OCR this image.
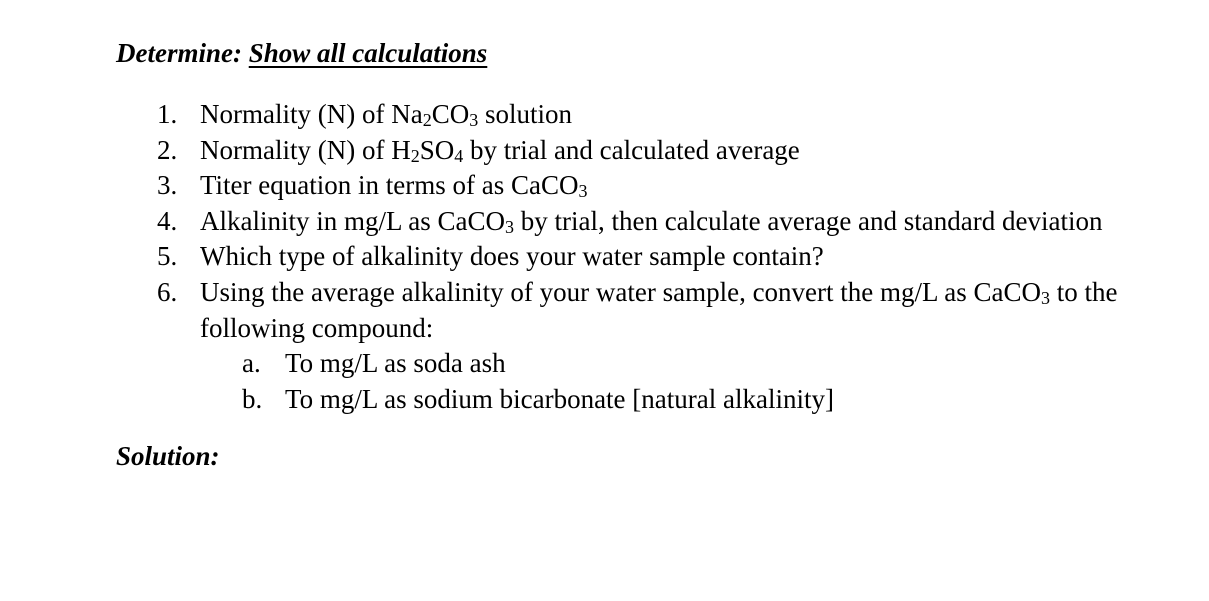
Determine: Show all calculations
1. Normality (N) of $Na_2CO_3$ solution
2. Normality (N) of $H_2SO_4$ by trial and calculated average
3. Titer equation in terms of as CaCO$_3$
4. Alkalinity in mg/L as CaCO$_3$ by trial, then calculate average and standard deviation
5. Which type of alkalinity does your water sample contain?
6. Using the average alkalinity of your water sample, convert the mg/L as CaCO$_3$ to the
following compound:
a. To mg/L as soda ash
b. To mg/L as sodium bicarbonate [natural alkalinity]
Solution:
